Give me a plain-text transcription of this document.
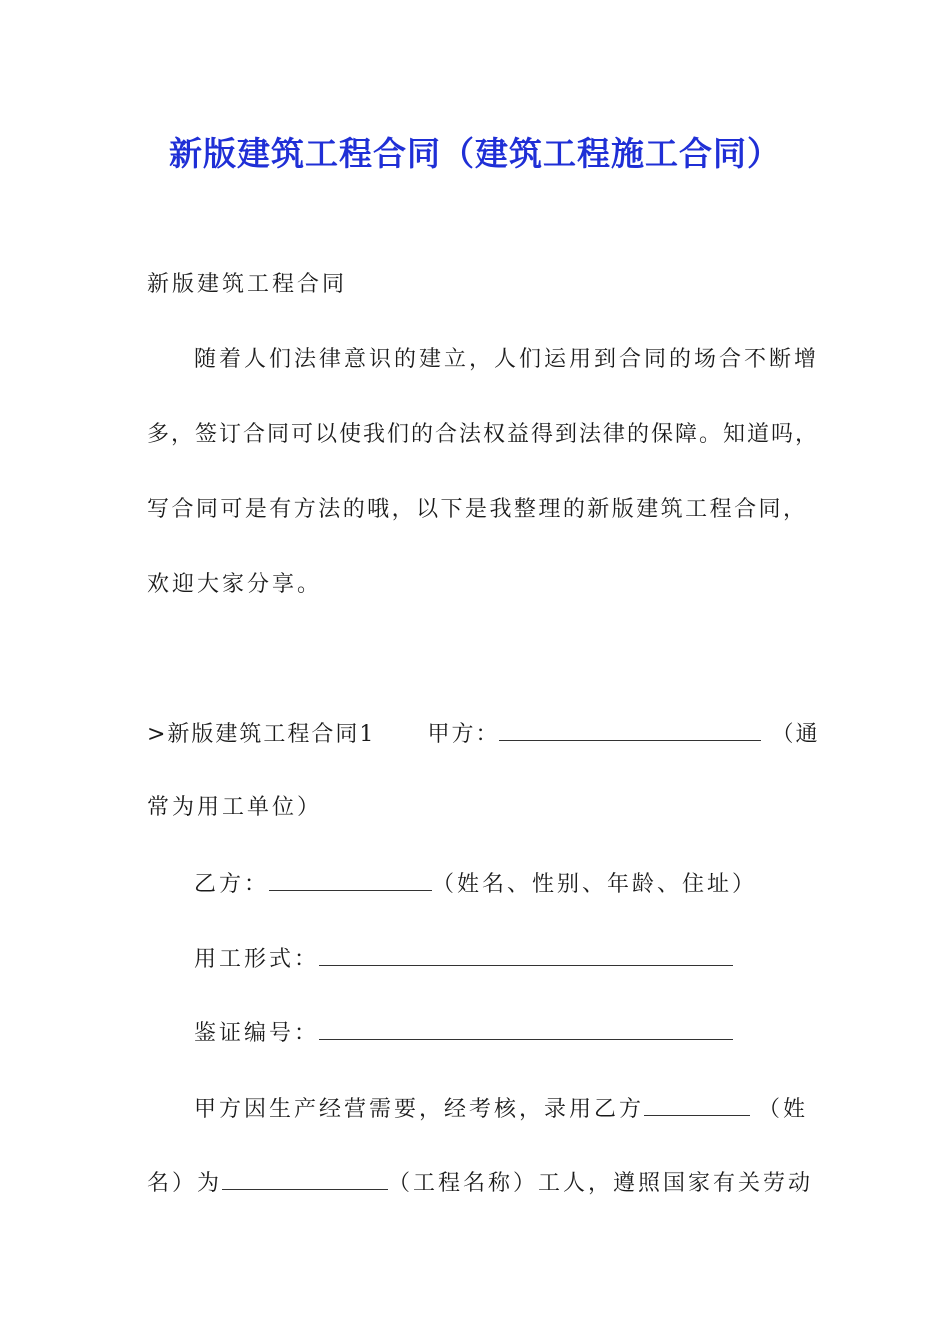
新版建筑工程合同（建筑工程施工合同）
新版建筑工程合同
随着人们法律意识的建立，人们运用到合同的场合不断增
多，签订合同可以使我们的合法权益得到法律的保障。知道吗，
写合同可是有方法的哦，以下是我整理的新版建筑工程合同，
欢迎大家分享。
>新版建筑工程合同1 甲方：	（通
常为用工单位）
乙方：	（姓名、性别、年龄、住址）
用工形式：
鉴证编号：
甲方因生产经营需要，经考核，录用乙方	（姓
名）为	（工程名称）工人，遵照国家有关劳动
